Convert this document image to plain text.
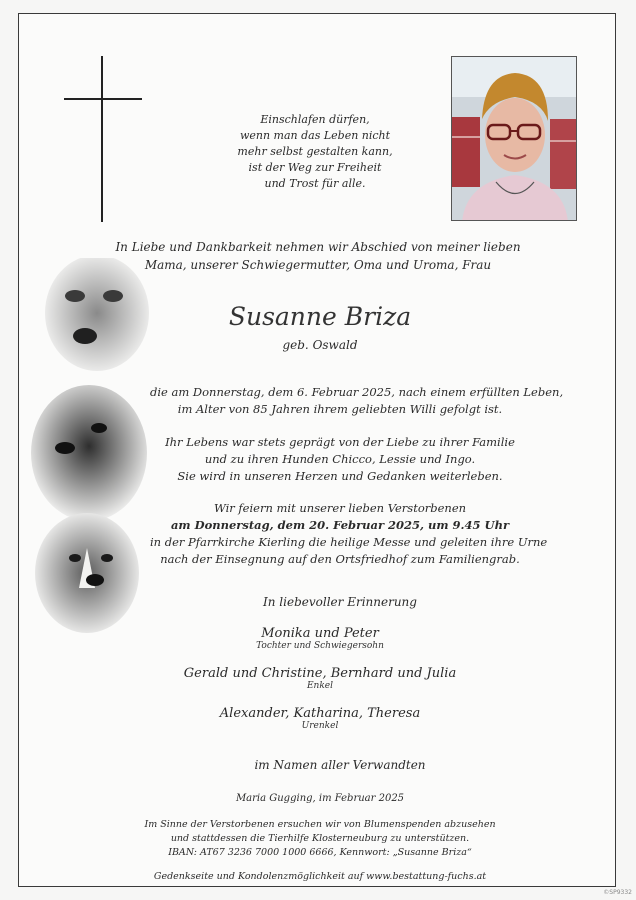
Einschlafen dürfen,
wenn man das Leben nicht
mehr selbst gestalten kann,
ist der Weg zur Freiheit
und Trost für alle.
In Liebe und Dankbarkeit nehmen wir Abschied von meiner lieben
Mama, unserer Schwiegermutter, Oma und Uroma, Frau
Susanne Briza
geb. Oswald
die am Donnerstag, dem 6. Februar 2025, nach einem erfüllten Leben,
im Alter von 85 Jahren ihrem geliebten Willi gefolgt ist.
Ihr Lebens war stets geprägt von der Liebe zu ihrer Familie
und zu ihren Hunden Chicco, Lessie und Ingo.
Sie wird in unseren Herzen und Gedanken weiterleben.
Wir feiern mit unserer lieben Verstorbenen
am Donnerstag, dem 20. Februar 2025, um 9.45 Uhr
in der Pfarrkirche Kierling die heilige Messe und geleiten ihre Urne
nach der Einsegnung auf den Ortsfriedhof zum Familiengrab.
In liebevoller Erinnerung
Monika und Peter
Tochter und Schwiegersohn
Gerald und Christine, Bernhard und Julia
Enkel
Alexander, Katharina, Theresa
Urenkel
im Namen aller Verwandten
Maria Gugging, im Februar 2025
Im Sinne der Verstorbenen ersuchen wir von Blumenspenden abzusehen
und stattdessen die Tierhilfe Klosterneuburg zu unterstützen.
IBAN: AT67 3236 7000 1000 6666, Kennwort: „Susanne Briza“
Gedenkseite und Kondolenzmöglichkeit auf www.bestattung-fuchs.at
©SP9332
